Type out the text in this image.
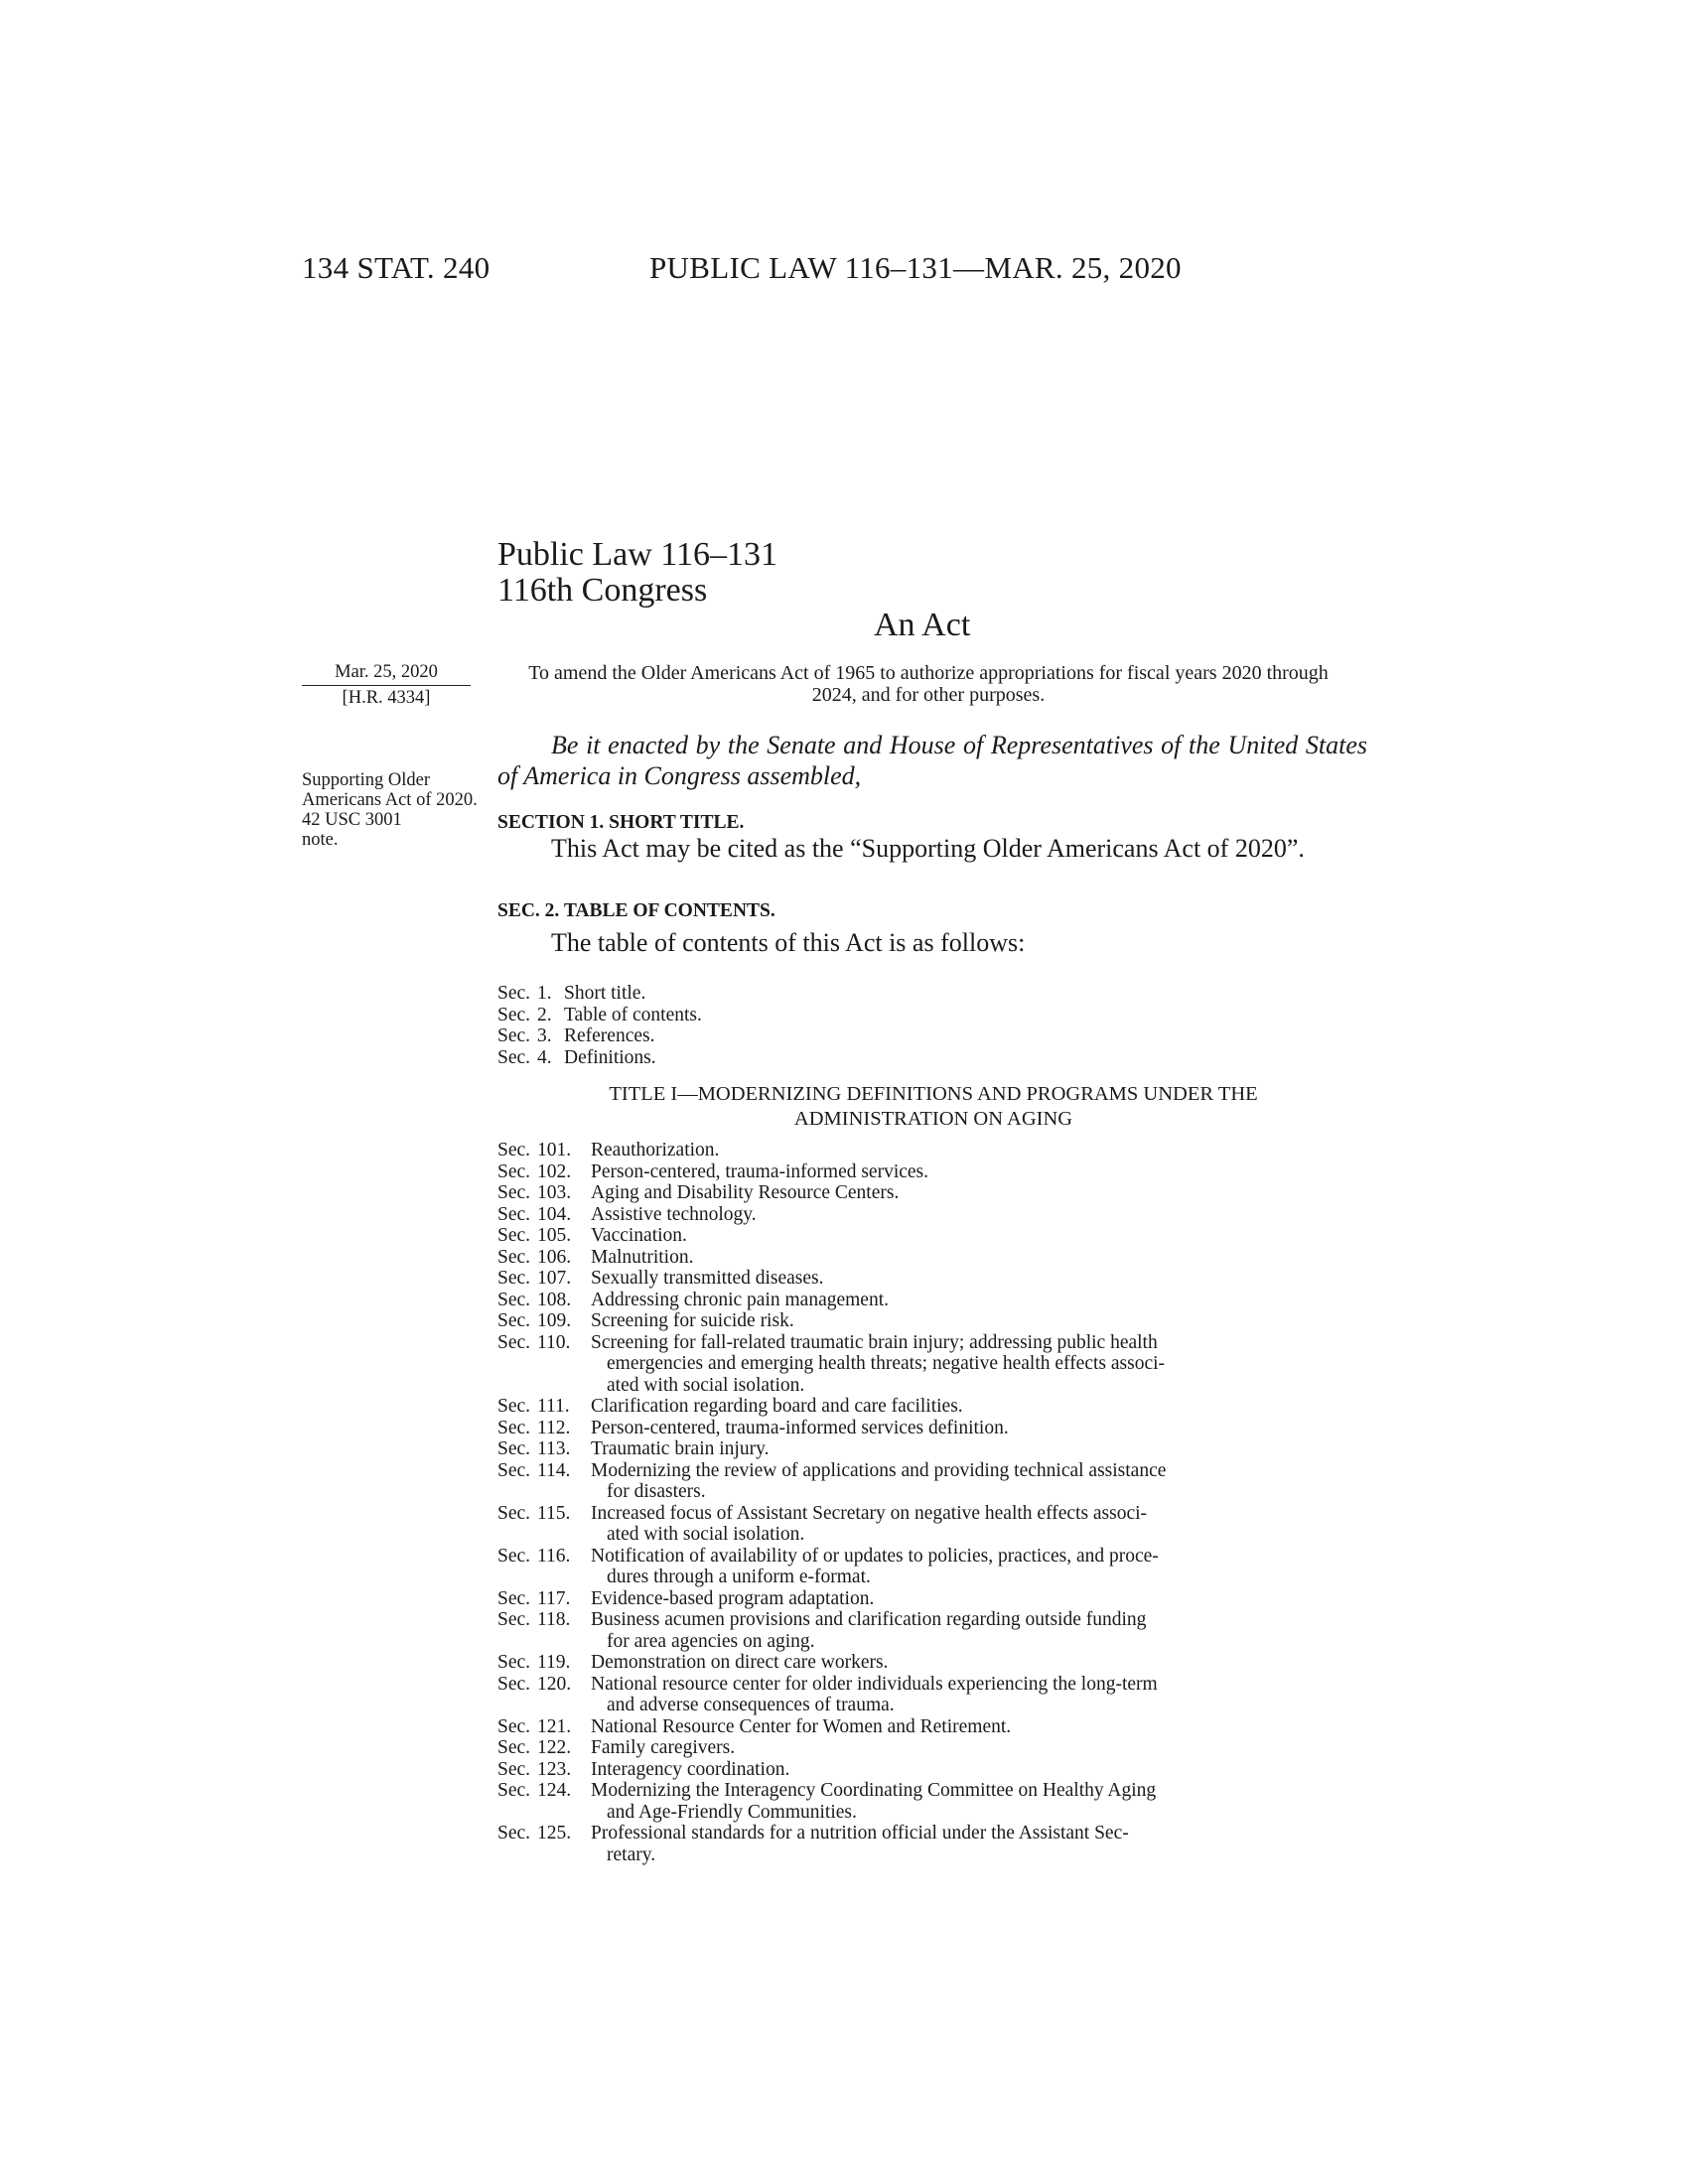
134 STAT. 240	PUBLIC LAW 116–131—MAR. 25, 2020
Public Law 116–131
116th Congress
An Act
Mar. 25, 2020
[H.R. 4334]
Supporting Older Americans Act of 2020.
42 USC 3001 note.
To amend the Older Americans Act of 1965 to authorize appropriations for fiscal years 2020 through 2024, and for other purposes.
Be it enacted by the Senate and House of Representatives of the United States of America in Congress assembled,
SECTION 1. SHORT TITLE.
This Act may be cited as the “Supporting Older Americans Act of 2020”.
SEC. 2. TABLE OF CONTENTS.
The table of contents of this Act is as follows:
Sec. 1. Short title.
Sec. 2. Table of contents.
Sec. 3. References.
Sec. 4. Definitions.
TITLE I—MODERNIZING DEFINITIONS AND PROGRAMS UNDER THE
ADMINISTRATION ON AGING
Sec. 101.	Reauthorization.
Sec. 102.	Person-centered, trauma-informed services.
Sec. 103.	Aging and Disability Resource Centers.
Sec. 104.	Assistive technology.
Sec. 105.	Vaccination.
Sec. 106.	Malnutrition.
Sec. 107.	Sexually transmitted diseases.
Sec. 108.	Addressing chronic pain management.
Sec. 109.	Screening for suicide risk.
Sec. 110.	Screening for fall-related traumatic brain injury; addressing public health
emergencies and emerging health threats; negative health effects associ-
ated with social isolation.
Sec. 111.	Clarification regarding board and care facilities.
Sec. 112.	Person-centered, trauma-informed services definition.
Sec. 113.	Traumatic brain injury.
Sec. 114.	Modernizing the review of applications and providing technical assistance
for disasters.
Sec. 115.	Increased focus of Assistant Secretary on negative health effects associ-
ated with social isolation.
Sec. 116.	Notification of availability of or updates to policies, practices, and proce-
dures through a uniform e-format.
Sec. 117.	Evidence-based program adaptation.
Sec. 118.	Business acumen provisions and clarification regarding outside funding
for area agencies on aging.
Sec. 119.	Demonstration on direct care workers.
Sec. 120.	National resource center for older individuals experiencing the long-term
and adverse consequences of trauma.
Sec. 121.	National Resource Center for Women and Retirement.
Sec. 122.	Family caregivers.
Sec. 123.	Interagency coordination.
Sec. 124.	Modernizing the Interagency Coordinating Committee on Healthy Aging
and Age-Friendly Communities.
Sec. 125.	Professional standards for a nutrition official under the Assistant Sec-
retary.
